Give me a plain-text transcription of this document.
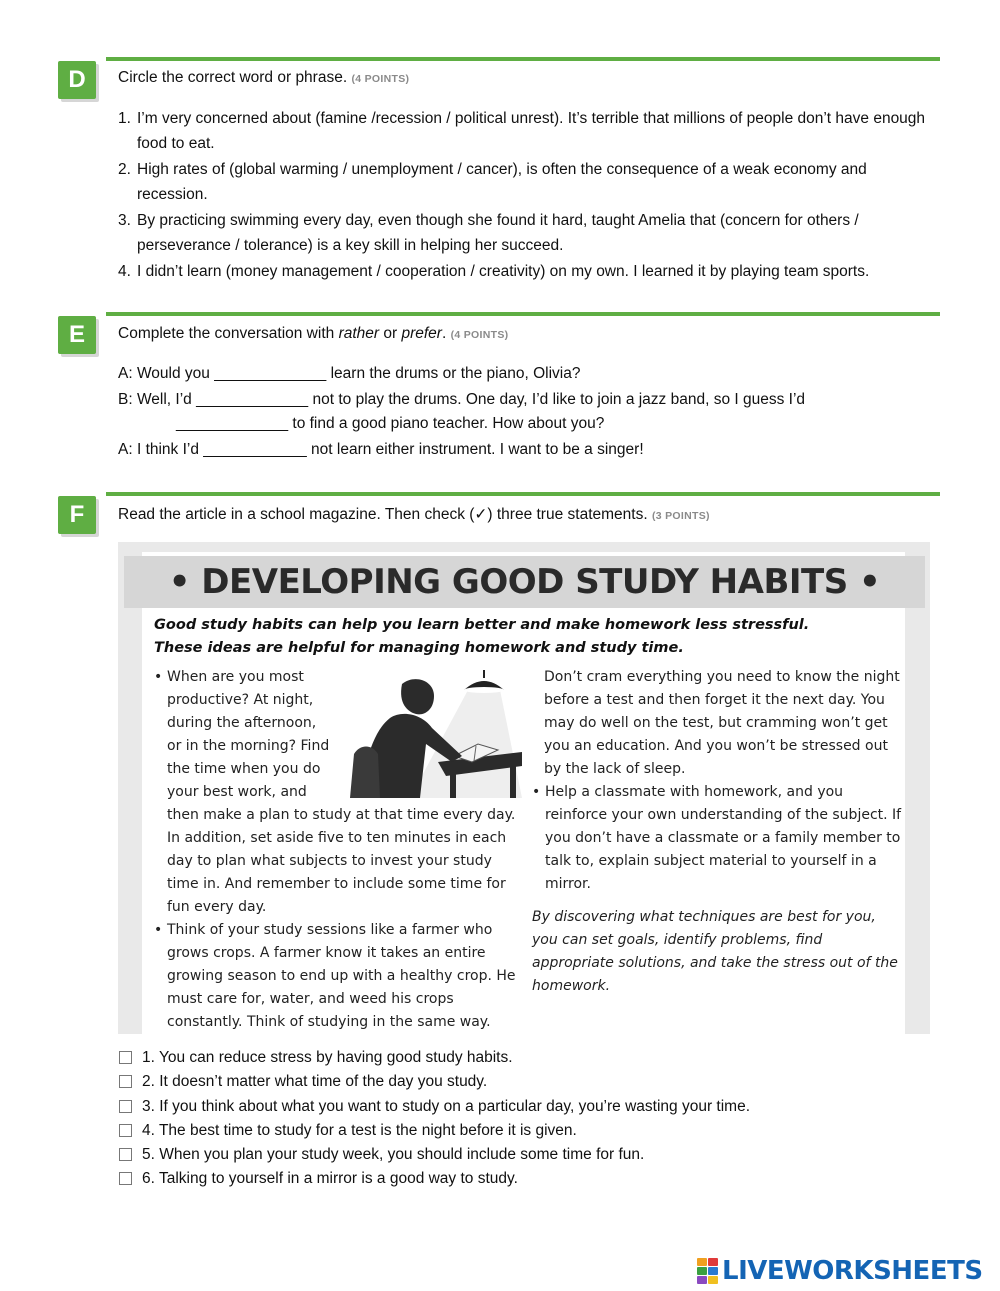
D	Circle the correct word or phrase. (4 POINTS)
1. I’m very concerned about (famine /recession / political unrest). It’s terrible that millions of people don’t have enough food to eat.
2. High rates of (global warming / unemployment / cancer), is often the consequence of a weak economy and recession.
3. By practicing swimming every day, even though she found it hard, taught Amelia that (concern for others / perseverance / tolerance) is a key skill in helping her succeed.
4. I didn’t learn (money management / cooperation / creativity) on my own. I learned it by playing team sports.
E	Complete the conversation with rather or prefer. (4 POINTS)
A: Would you _____________ learn the drums or the piano, Olivia?
B: Well, I’d _____________ not to play the drums. One day, I’d like to join a jazz band, so I guess I’d
_____________ to find a good piano teacher. How about you?
A: I think I’d ____________ not learn either instrument. I want to be a singer!
F	Read the article in a school magazine. Then check (✓) three true statements. (3 POINTS)
• DEVELOPING GOOD STUDY HABITS •
Good study habits can help you learn better and make homework less stressful.
These ideas are helpful for managing homework and study time.
• When are you most
productive? At night,
during the afternoon,
or in the morning? Find
the time when you do
your best work, and
then make a plan to study at that time every day. In addition, set aside five to ten minutes in each day to plan what subjects to invest your study time in. And remember to include some time for fun every day.
• Think of your study sessions like a farmer who grows crops. A farmer know it takes an entire growing season to end up with a healthy crop. He must care for, water, and weed his crops constantly. Think of studying in the same way.
Don’t cram everything you need to know the night before a test and then forget it the next day. You may do well on the test, but cramming won’t get you an education. And you won’t be stressed out by the lack of sleep.
• Help a classmate with homework, and you reinforce your own understanding of the subject. If you don’t have a classmate or a family member to talk to, explain subject material to yourself in a mirror.
By discovering what techniques are best for you, you can set goals, identify problems, find appropriate solutions, and take the stress out of the homework.
1. You can reduce stress by having good study habits.
2. It doesn’t matter what time of the day you study.
3. If you think about what you want to study on a particular day, you’re wasting your time.
4. The best time to study for a test is the night before it is given.
5. When you plan your study week, you should include some time for fun.
6. Talking to yourself in a mirror is a good way to study.
LIVEWORKSHEETS
